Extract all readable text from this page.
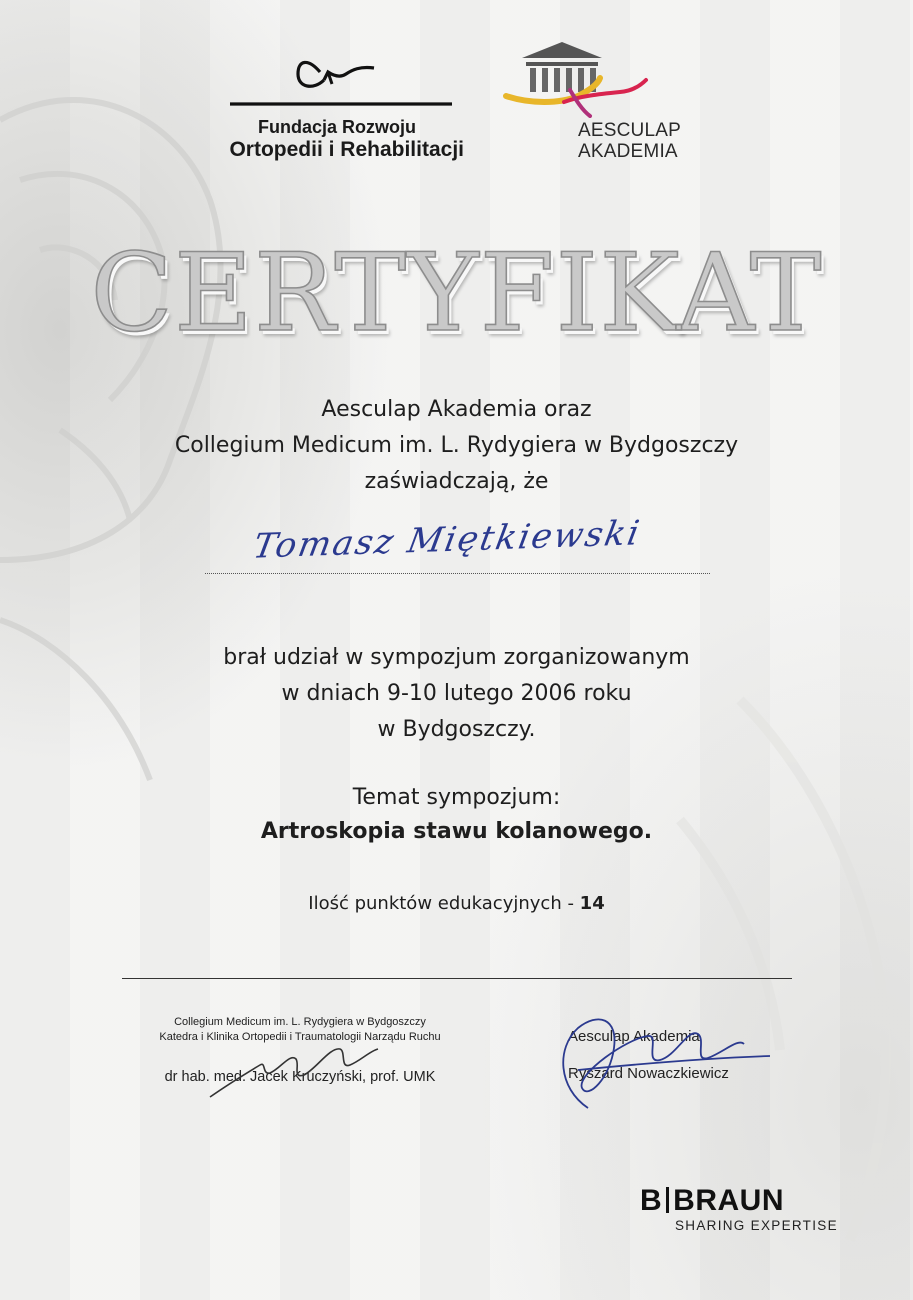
Fundacja Rozwoju
Ortopedii i Rehabilitacji
AESCULAP
AKADEMIA
CERTYFIKAT
Aesculap Akademia oraz
Collegium Medicum im. L. Rydygiera w Bydgoszczy
zaświadczają, że
Tomasz Miętkiewski
brał udział w sympozjum zorganizowanym
w dniach 9-10 lutego 2006 roku
w Bydgoszczy.
Temat sympozjum:
Artroskopia stawu kolanowego.
Ilość punktów edukacyjnych - 14
Collegium Medicum im. L. Rydygiera w Bydgoszczy
Katedra i Klinika Ortopedii i Traumatologii Narządu Ruchu
dr hab. med. Jacek Kruczyński, prof. UMK
Aesculap Akademia
Ryszard Nowaczkiewicz
B BRAUN
SHARING EXPERTISE
